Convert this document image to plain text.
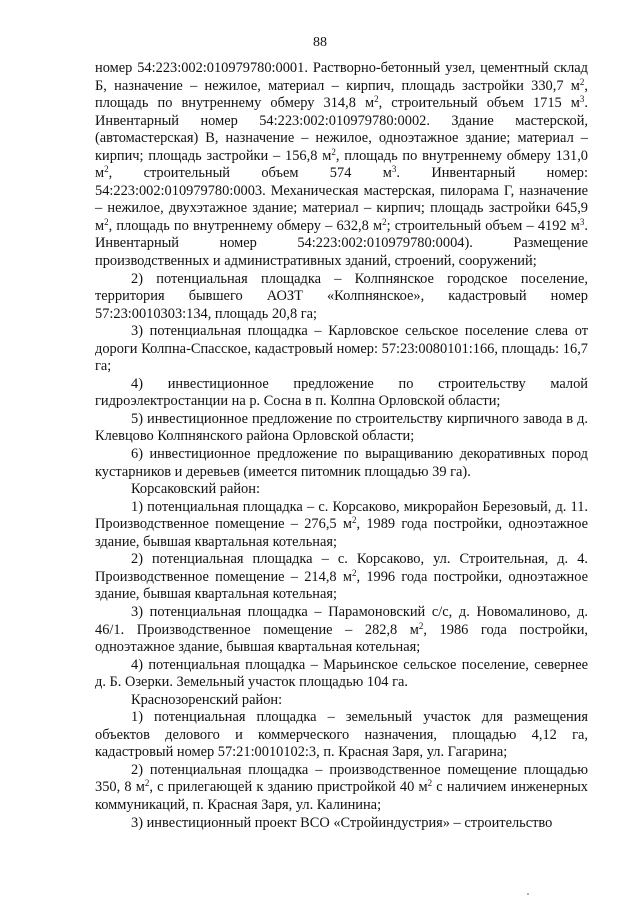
88

номер 54:223:002:010979780:0001. Растворно-бетонный узел, цементный склад Б, назначение – нежилое, материал – кирпич, площадь застройки 330,7 $м^2$, площадь по внутреннему обмеру 314,8 $м^2$, строительный объем 1715 $м^3$. Инвентарный номер 54:223:002:010979780:0002. Здание мастерской, (автомастерская) В, назначение – нежилое, одноэтажное здание; материал – кирпич; площадь застройки – 156,8 $м^2$, площадь по внутреннему обмеру 131,0 $м^2$, строительный объем 574 $м^3$. Инвентарный номер: 54:223:002:010979780:0003. Механическая мастерская, пилорама Г, назначение – нежилое, двухэтажное здание; материал – кирпич; площадь застройки 645,9 $м^2$, площадь по внутреннему обмеру – 632,8 $м^2$; строительный объем – 4192 $м^3$. Инвентарный номер 54:223:002:010979780:0004). Размещение производственных и административных зданий, строений, сооружений;

2) потенциальная площадка – Колпнянское городское поселение, территория бывшего АОЗТ «Колпнянское», кадастровый номер 57:23:0010303:134, площадь 20,8 га;

3) потенциальная площадка – Карловское сельское поселение слева от дороги Колпна-Спасское, кадастровый номер: 57:23:0080101:166, площадь: 16,7 га;

4) инвестиционное предложение по строительству малой гидроэлектростанции на р. Сосна в п. Колпна Орловской области;

5) инвестиционное предложение по строительству кирпичного завода в д. Клевцово Колпнянского района Орловской области;

6) инвестиционное предложение по выращиванию декоративных пород кустарников и деревьев (имеется питомник площадью 39 га).

Корсаковский район:

1) потенциальная площадка – с. Корсаково, микрорайон Березовый, д. 11. Производственное помещение – 276,5 $м^2$, 1989 года постройки, одноэтажное здание, бывшая квартальная котельная;

2) потенциальная площадка – с. Корсаково, ул. Строительная, д. 4. Производственное помещение – 214,8 $м^2$, 1996 года постройки, одноэтажное здание, бывшая квартальная котельная;

3) потенциальная площадка – Парамоновский с/с, д. Новомалиново, д. 46/1. Производственное помещение – 282,8 $м^2$, 1986 года постройки, одноэтажное здание, бывшая квартальная котельная;

4) потенциальная площадка – Марьинское сельское поселение, севернее д. Б. Озерки. Земельный участок площадью 104 га.

Краснозоренский район:

1) потенциальная площадка – земельный участок для размещения объектов делового и коммерческого назначения, площадью 4,12 га, кадастровый номер 57:21:0010102:3, п. Красная Заря, ул. Гагарина;

2) потенциальная площадка – производственное помещение площадью 350, 8 $м^2$, с прилегающей к зданию пристройкой 40 $м^2$ с наличием инженерных коммуникаций, п. Красная Заря, ул. Калинина;

3) инвестиционный проект ВСО «Стройиндустрия» – строительство
